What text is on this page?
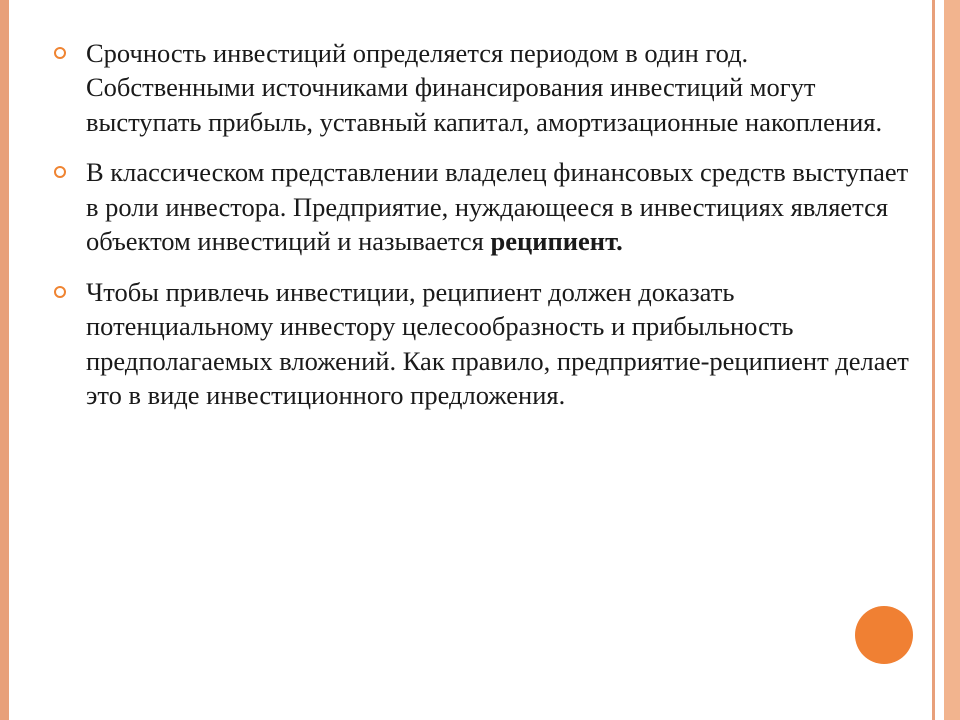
Срочность инвестиций определяется периодом в один год. Собственными источниками финансирования инвестиций могут выступать прибыль, уставный капитал, амортизационные накопления.
В классическом представлении владелец финансовых средств выступает в роли инвестора. Предприятие, нуждающееся в инвестициях является объектом инвестиций и называется реципиент.
Чтобы привлечь инвестиции, реципиент должен доказать потенциальному инвестору целесообразность и прибыльность предполагаемых вложений. Как правило, предприятие-реципиент делает это в виде инвестиционного предложения.
